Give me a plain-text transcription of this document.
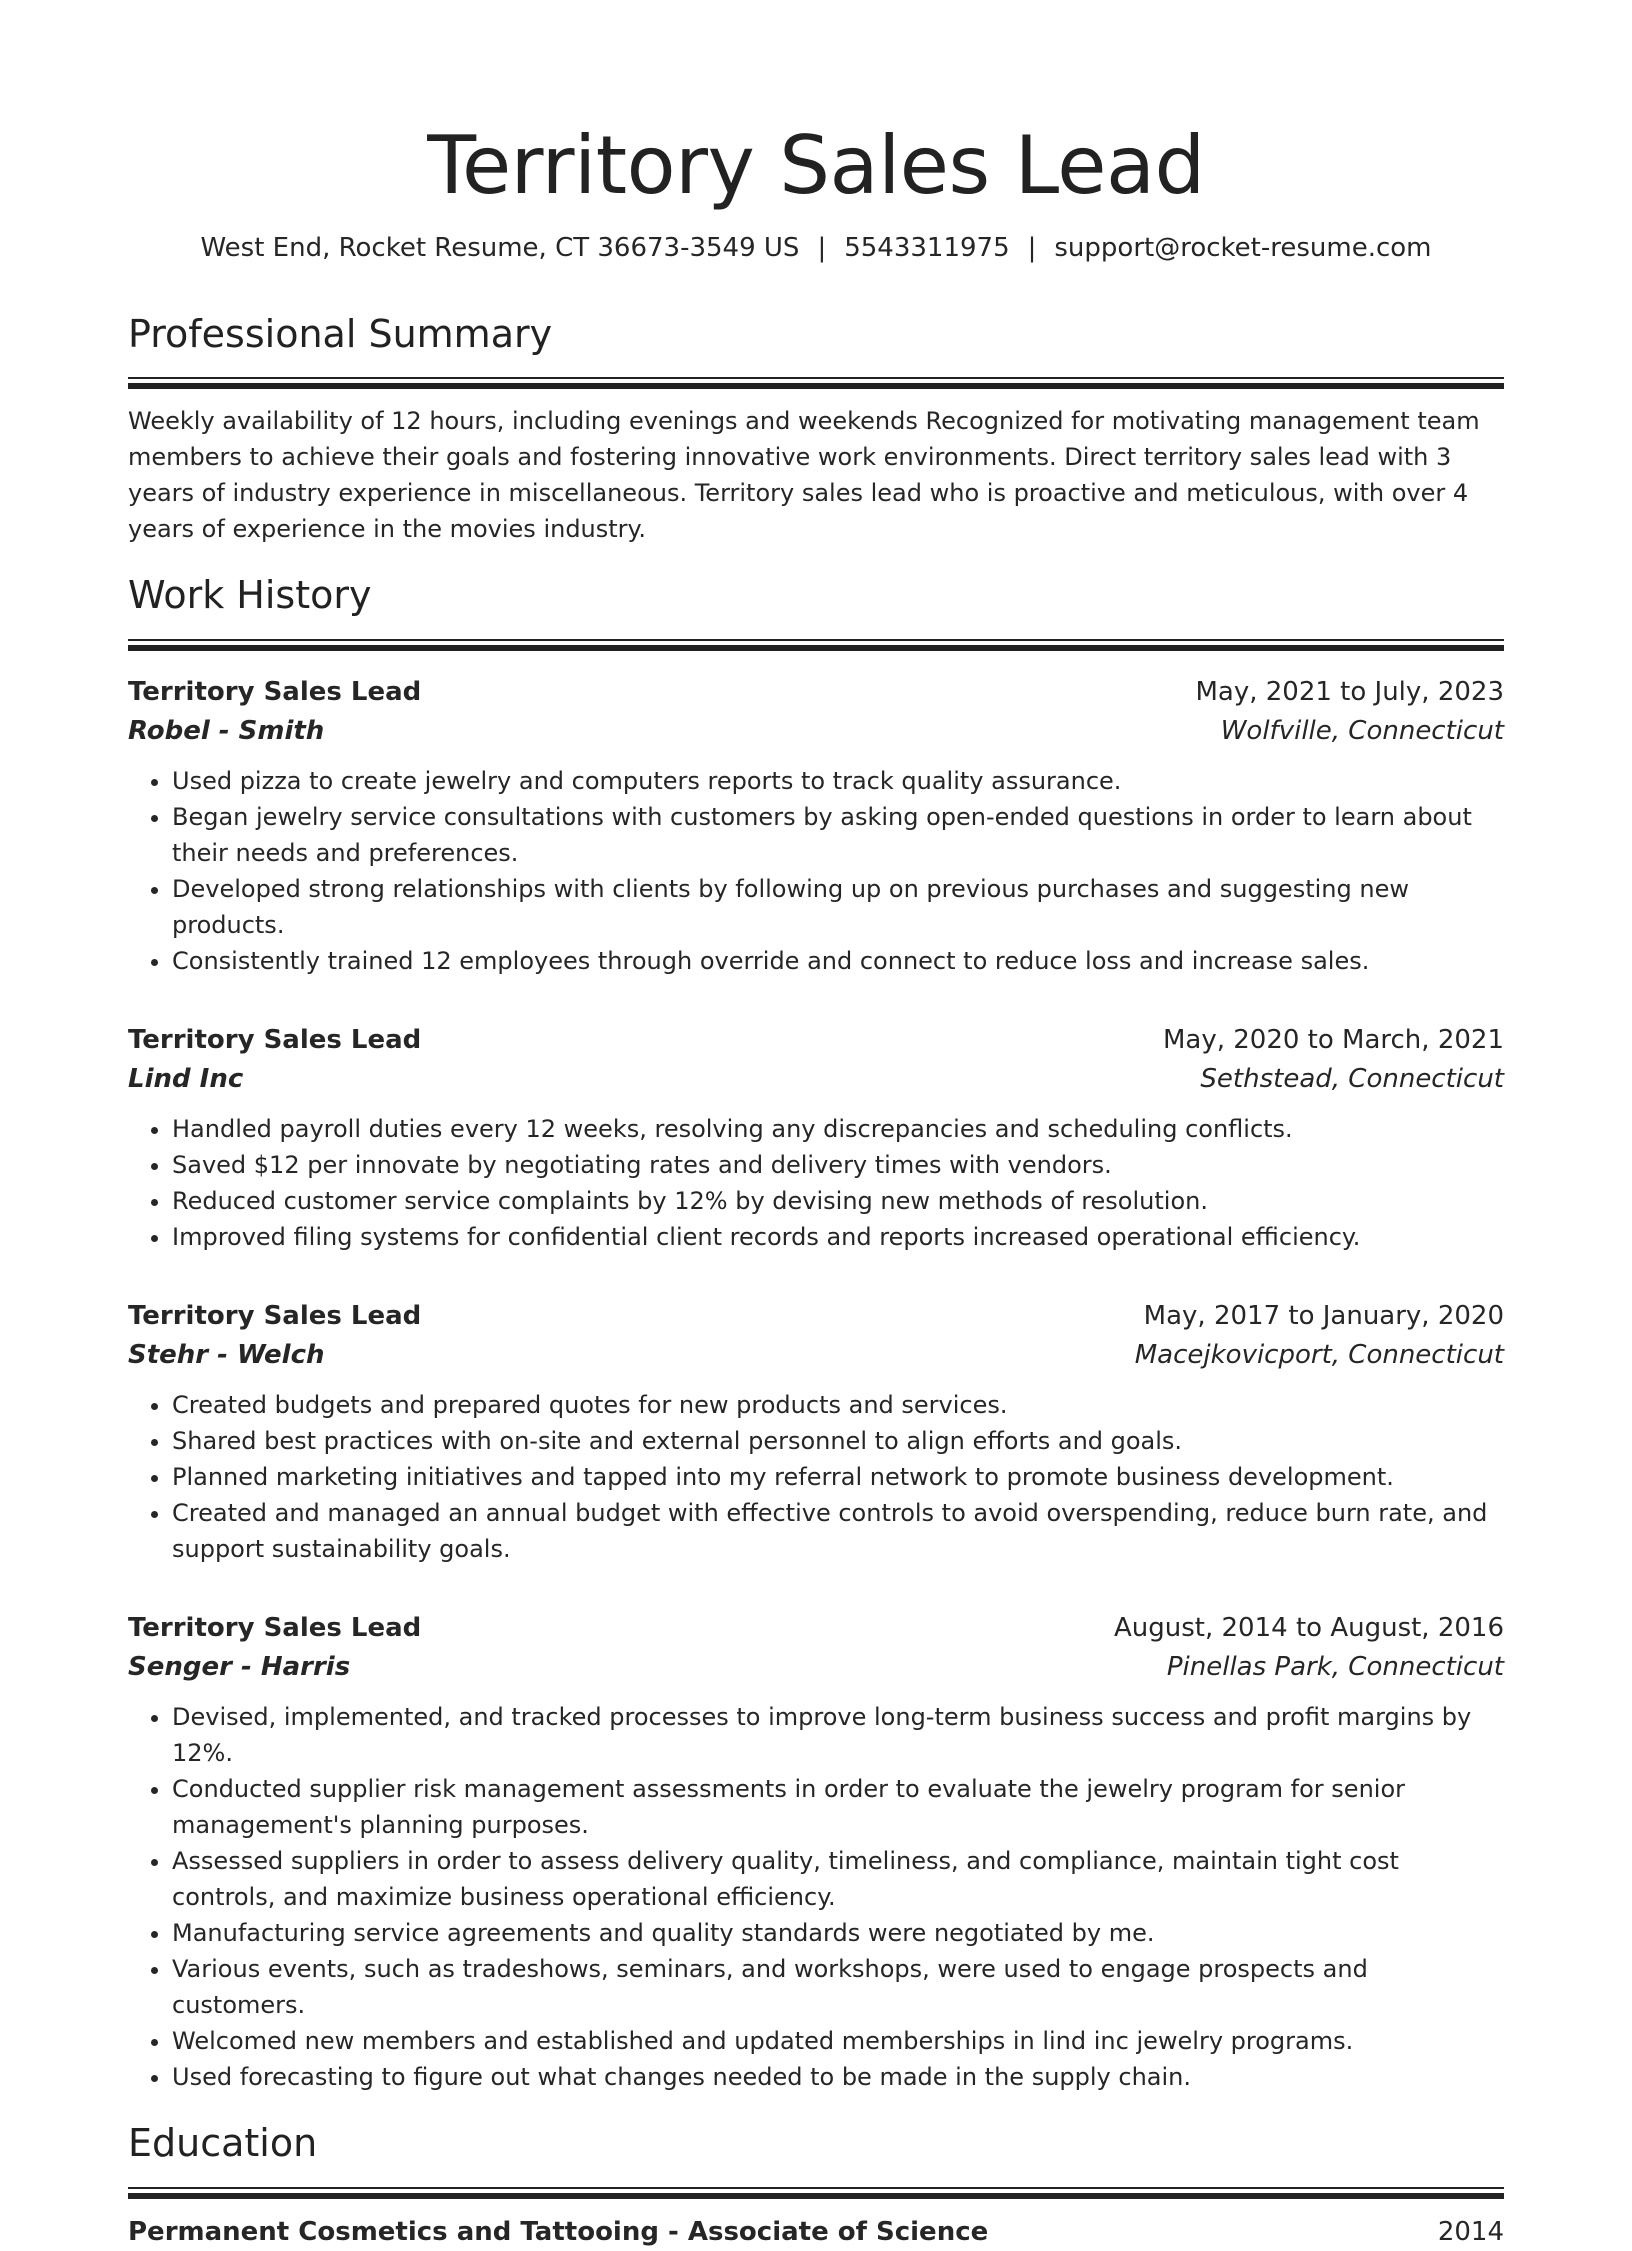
Territory Sales Lead
West End, Rocket Resume, CT 36673-3549 US | 5543311975 | support@rocket-resume.com
Professional Summary

Weekly availability of 12 hours, including evenings and weekends Recognized for motivating management team members to achieve their goals and fostering innovative work environments. Direct territory sales lead with 3 years of industry experience in miscellaneous. Territory sales lead who is proactive and meticulous, with over 4 years of experience in the movies industry.

Work History
Territory Sales Lead	May, 2021 to July, 2023
Robel - Smith	Wolfville, Connecticut
• Used pizza to create jewelry and computers reports to track quality assurance.
• Began jewelry service consultations with customers by asking open-ended questions in order to learn about their needs and preferences.
• Developed strong relationships with clients by following up on previous purchases and suggesting new products.
• Consistently trained 12 employees through override and connect to reduce loss and increase sales.
Territory Sales Lead	May, 2020 to March, 2021
Lind Inc	Sethstead, Connecticut
• Handled payroll duties every 12 weeks, resolving any discrepancies and scheduling conflicts.
• Saved $12 per innovate by negotiating rates and delivery times with vendors.
• Reduced customer service complaints by 12% by devising new methods of resolution.
• Improved filing systems for confidential client records and reports increased operational efficiency.
Territory Sales Lead	May, 2017 to January, 2020
Stehr - Welch	Macejkovicport, Connecticut
• Created budgets and prepared quotes for new products and services.
• Shared best practices with on-site and external personnel to align efforts and goals.
• Planned marketing initiatives and tapped into my referral network to promote business development.
• Created and managed an annual budget with effective controls to avoid overspending, reduce burn rate, and support sustainability goals.
Territory Sales Lead	August, 2014 to August, 2016
Senger - Harris	Pinellas Park, Connecticut
• Devised, implemented, and tracked processes to improve long-term business success and profit margins by 12%.
• Conducted supplier risk management assessments in order to evaluate the jewelry program for senior management's planning purposes.
• Assessed suppliers in order to assess delivery quality, timeliness, and compliance, maintain tight cost controls, and maximize business operational efficiency.
• Manufacturing service agreements and quality standards were negotiated by me.
• Various events, such as tradeshows, seminars, and workshops, were used to engage prospects and customers.
• Welcomed new members and established and updated memberships in lind inc jewelry programs.
• Used forecasting to figure out what changes needed to be made in the supply chain.
Education
Permanent Cosmetics and Tattooing - Associate of Science	2014
